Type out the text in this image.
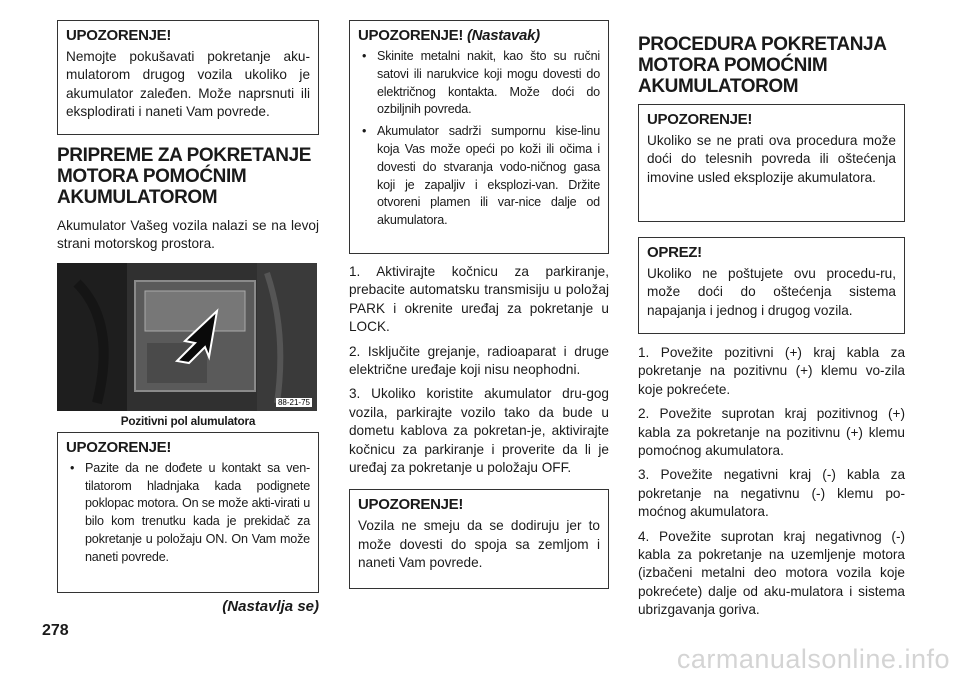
UPOZORENJE!
Nemojte pokušavati pokretanje aku-mulatorom drugog vozila ukoliko je akumulator zaleđen. Može naprsnuti ili eksplodirati i naneti Vam povrede.
PRIPREME ZA POKRETANJE MOTORA POMOĆNIM AKUMULATOROM

Akumulator Vašeg vozila nalazi se na levoj strani motorskog prostora.

88-21-75
Pozitivni pol alumulatora
UPOZORENJE!
• Pazite da ne dođete u kontakt sa ven-tilatorom hladnjaka kada podignete poklopac motora. On se može akti-virati u bilo kom trenutku kada je prekidač za pokretanje u položaju ON. On Vam može naneti povrede.
(Nastavlja se)
UPOZORENJE! (Nastavak)
• Skinite metalni nakit, kao što su ručni satovi ili narukvice koji mogu dovesti do električnog kontakta. Može doći do ozbiljnih povreda.
• Akumulator sadrži sumpornu kise-linu koja Vas može opeći po koži ili očima i dovesti do stvaranja vodo-ničnog gasa koji je zapaljiv i eksplozi-van. Držite otvoreni plamen ili var-nice dalje od akumulatora.

1. Aktivirajte kočnicu za parkiranje, prebacite automatsku transmisiju u položaj PARK i okrenite uređaj za pokretanje u LOCK.

2. Isključite grejanje, radioaparat i druge električne uređaje koji nisu neophodni.

3. Ukoliko koristite akumulator dru-gog vozila, parkirajte vozilo tako da bude u dometu kablova za pokretan-je, aktivirajte kočnicu za parkiranje i proverite da li je uređaj za pokretanje u položaju OFF.

UPOZORENJE!
Vozila ne smeju da se dodiruju jer to može dovesti do spoja sa zemljom i naneti Vam povrede.
PROCEDURA POKRETANJA MOTORA POMOĆNIM AKUMULATOROM
UPOZORENJE!
Ukoliko se ne prati ova procedura može doći do telesnih povreda ili oštećenja imovine usled eksplozije akumulatora.
OPREZ!
Ukoliko ne poštujete ovu procedu-ru, može doći do oštećenja sistema napajanja i jednog i drugog vozila.

1. Povežite pozitivni (+) kraj kabla za pokretanje na pozitivnu (+) klemu vo-zila koje pokrećete.

2. Povežite suprotan kraj pozitivnog (+) kabla za pokretanje na pozitivnu (+) klemu pomoćnog akumulatora.

3. Povežite negativni kraj (-) kabla za pokretanje na negativnu (-) klemu po-moćnog akumulatora.

4. Povežite suprotan kraj negativnog (-) kabla za pokretanje na uzemljenje motora (izbačeni metalni deo motora vozila koje pokrećete) dalje od aku-mulatora i sistema ubrizgavanja goriva.

278
carmanualsonline.info
